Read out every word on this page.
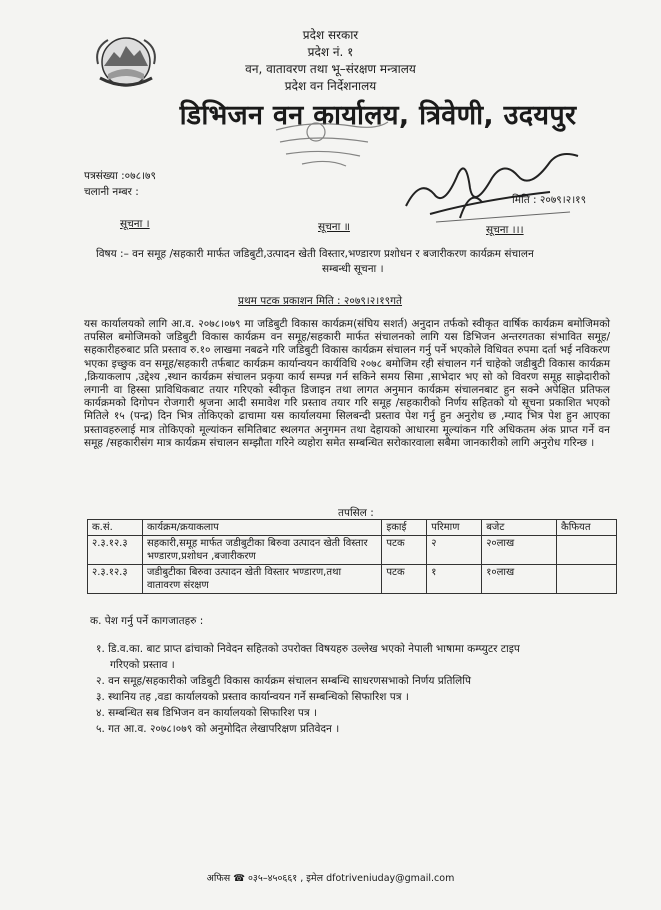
प्रदेश सरकार
प्रदेश नं. १
वन, वातावरण तथा भू–संरक्षण मन्त्रालय
प्रदेश वन निर्देशनालय
डिभिजन वन कार्यालय, त्रिवेणी, उदयपुर
पत्रसंख्या :०७८।७९
चलानी नम्बर :
मिति : २०७९।२।१९
सूचना ।	सूचना ॥	सूचना ।।।
विषय :– वन समूह /सहकारी मार्फत जडिबुटी,उत्पादन खेती विस्तार,भण्डारण प्रशोधन र बजारीकरण कार्यक्रम संचालन
सम्बन्धी सूचना ।
प्रथम पटक प्रकाशन मिति : २०७९।२।१९गते
यस कार्यालयको लागि आ.व. २०७८।०७९ मा जडिबुटी विकास कार्यक्रम(संघिय सशर्त) अनुदान तर्फको स्वीकृत वार्षिक कार्यक्रम बमोजिमको तपसिल बमोजिमको जडिबुटी विकास कार्यक्रम वन समूह/सहकारी मार्फत संचालनको लागि यस डिभिजन अन्तरगतका संभावित समूह/सहकारीहरुबाट प्रति प्रस्ताव रु.१० लाखमा नबढने गरि जडिबुटी विकास कार्यक्रम संचालन गर्नु पर्ने भएकोले विधिवत रुपमा दर्ता भई नविकरण भएका इच्छुक वन समूह/सहकारी तर्फबाट कार्यक्रम कार्यान्वयन कार्यविधि २०७८ बमोजिम रही संचालन गर्न चाहेको जडीबुटी विकास कार्यक्रम ,क्रियाकलाप ,उद्देश्य ,स्थान कार्यक्रम संचालन प्रकृया कार्य सम्पन्न गर्न सकिने समय सिमा ,साभेदार भए सो को विवरण समूह साझेदारीको लगानी वा हिस्सा प्राविधिकबाट तयार गरिएको स्वीकृत डिजाइन तथा लागत अनुमान कार्यक्रम संचालनबाट हुन सक्ने अपेक्षित प्रतिफल कार्यक्रमको दिगोपन रोजगारी श्रृजना आदी समावेश गरि प्रस्ताव तयार गरि समूह /सहकारीको निर्णय सहितको यो सूचना प्रकाशित भएको मितिले १५ (पन्द्र) दिन भित्र तोकिएको ढाचामा यस कार्यालयमा सिलबन्दी प्रस्ताव पेश गर्नु हुन अनुरोध छ ,म्याद भित्र पेश हुन आएका प्रस्तावहरुलाई मात्र तोकिएको मूल्यांकन समितिबाट स्थलगत अनुगमन तथा देहायको आधारमा मूल्यांकन गरि अधिकतम अंक प्राप्त गर्ने वन समूह /सहकारीसंग मात्र कार्यक्रम संचालन सम्झौता गरिने व्यहोरा समेत सम्बन्धित सरोकारवाला सबैमा जानकारीको लागि अनुरोध गरिन्छ ।
तपसिल :
क.सं.	कार्यक्रम/क्रयाकलाप	इकाई	परिमाण	बजेट	कैफियत
२.३.१२.३	सहकारी,समूह मार्फत जडीबुटीका बिरुवा उत्पादन खेती विस्तार भण्डारण,प्रशोधन ,बजारीकरण	पटक	२	२०लाख	
२.३.१२.३	जडीबुटीका बिरुवा उत्पादन खेती विस्तार भण्डारण,तथा वातावरण संरक्षण	पटक	१	१०लाख	
क. पेश गर्नु पर्ने कागजातहरु :
१. डि.व.का. बाट प्राप्त ढांचाको निवेदन सहितको उपरोक्त विषयहरु उल्लेख भएको नेपाली भाषामा कम्प्युटर टाइप
गरिएको प्रस्ताव ।
२. वन समूह/सहकारीको जडिबुटी विकास कार्यक्रम संचालन सम्बन्धि साधरणसभाको निर्णय प्रतिलिपि
३. स्थानिय तह ,वडा कार्यालयको प्रस्ताव कार्यान्वयन गर्ने सम्बन्धिको सिफारिश पत्र ।
४. सम्बन्धित सब डिभिजन वन कार्यालयको सिफारिश पत्र ।
५. गत आ.व. २०७८।०७९ को अनुमोदित लेखापरिक्षण प्रतिवेदन ।
अफिस ☎ ०३५–४५०६६१ , इमेल dfotriveniuday@gmail.com
